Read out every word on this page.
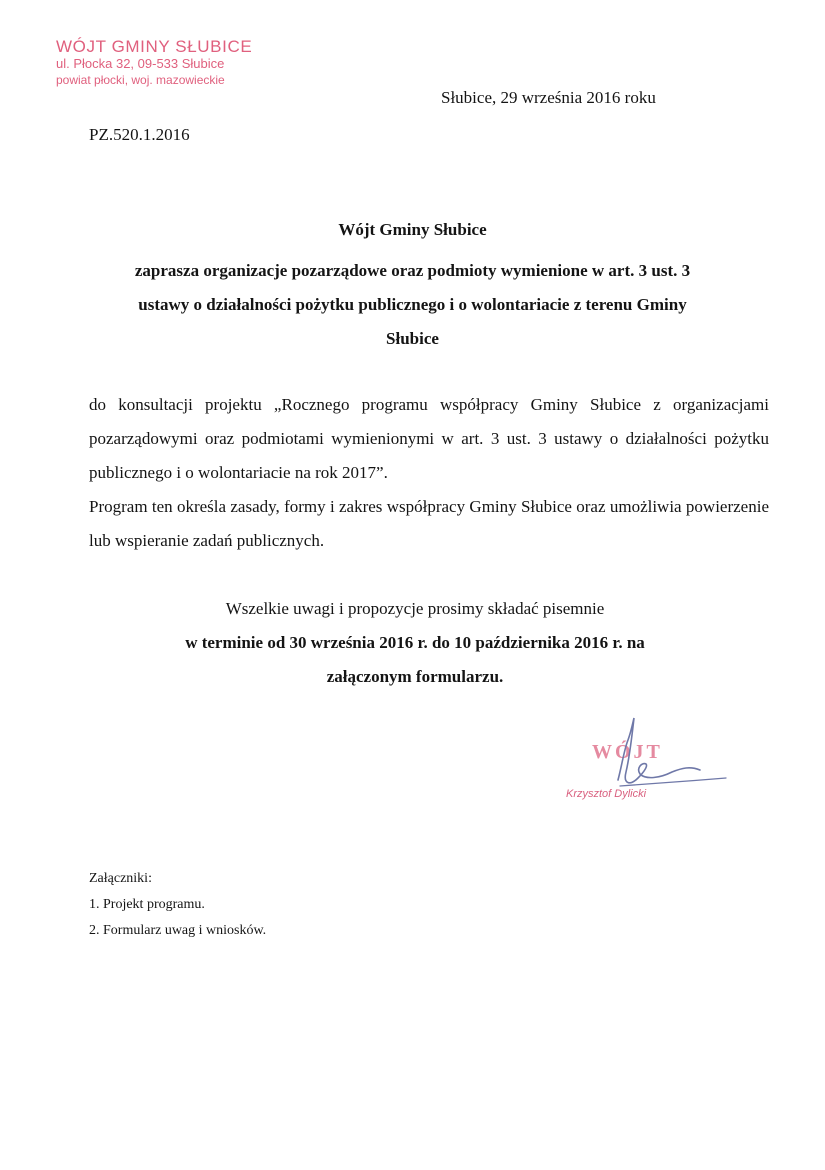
WÓJT GMINY SŁUBICE
ul. Płocka 32, 09-533 Słubice
powiat płocki, woj. mazowieckie
Słubice, 29 września 2016 roku
PZ.520.1.2016
Wójt Gminy Słubice
zaprasza organizacje pozarządowe oraz podmioty wymienione w art. 3 ust. 3
ustawy o działalności pożytku publicznego i o wolontariacie z terenu Gminy
Słubice

do konsultacji projektu „Rocznego programu współpracy Gminy Słubice z organizacjami pozarządowymi oraz podmiotami wymienionymi w art. 3 ust. 3 ustawy o działalności pożytku publicznego i o wolontariacie na rok 2017”.

Program ten określa zasady, formy i zakres współpracy Gminy Słubice oraz umożliwia powierzenie lub wspieranie zadań publicznych.

Wszelkie uwagi i propozycje prosimy składać pisemnie
w terminie od 30 września 2016 r. do 10 października 2016 r. na
załączonym formularzu.
WÓJT
Krzysztof Dylicki
Załączniki:
1. Projekt programu.
2. Formularz uwag i wniosków.
